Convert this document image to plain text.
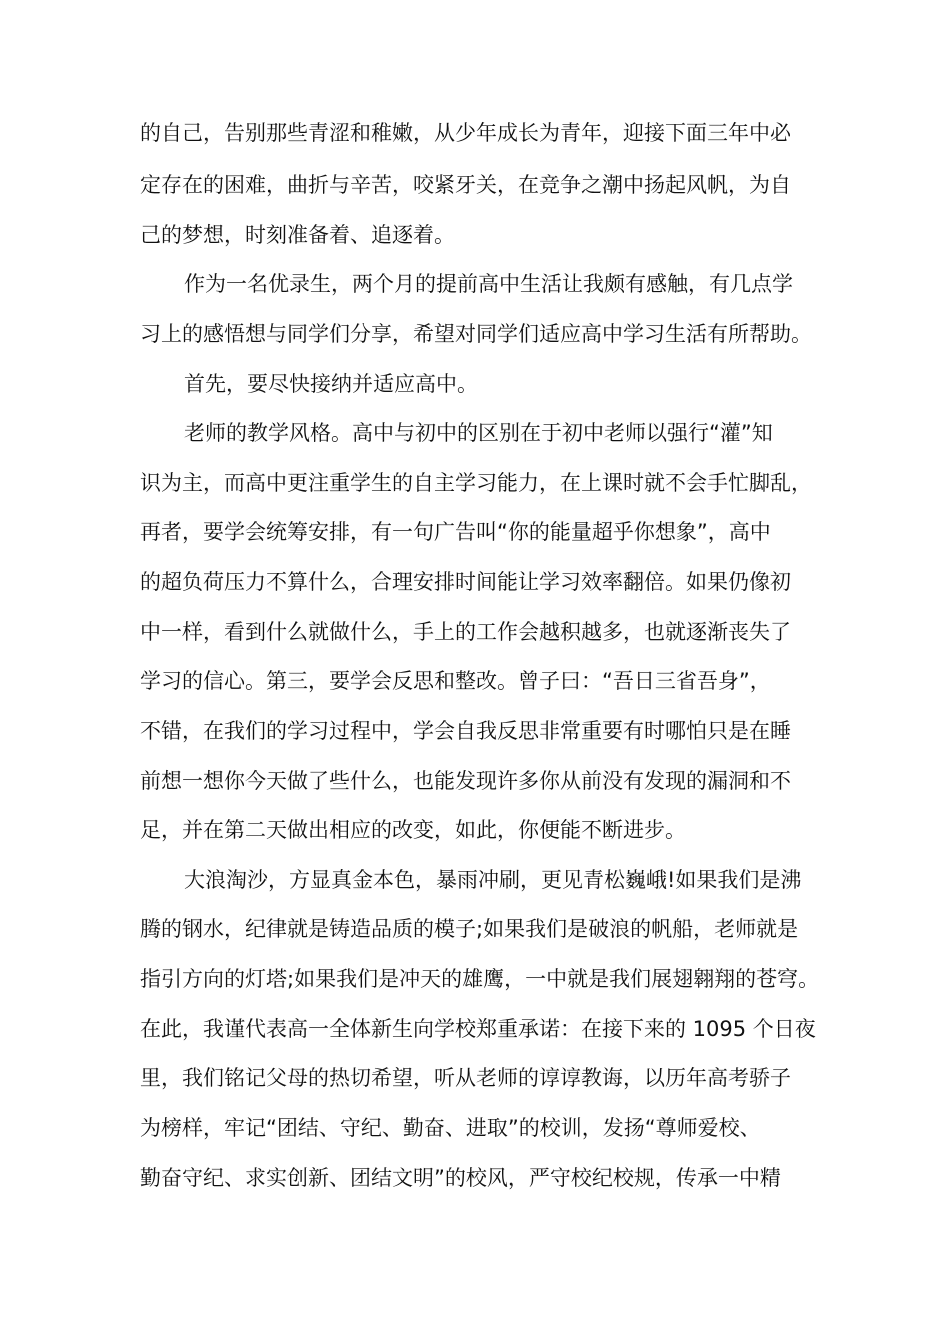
的自己，告别那些青涩和稚嫩，从少年成长为青年，迎接下面三年中必

定存在的困难，曲折与辛苦，咬紧牙关，在竞争之潮中扬起风帆，为自

己的梦想，时刻准备着、追逐着。

作为一名优录生，两个月的提前高中生活让我颇有感触，有几点学

习上的感悟想与同学们分享，希望对同学们适应高中学习生活有所帮助。

首先，要尽快接纳并适应高中。

老师的教学风格。高中与初中的区别在于初中老师以强行“灌”知

识为主，而高中更注重学生的自主学习能力，在上课时就不会手忙脚乱，

再者，要学会统筹安排，有一句广告叫“你的能量超乎你想象”，高中

的超负荷压力不算什么，合理安排时间能让学习效率翻倍。如果仍像初

中一样，看到什么就做什么，手上的工作会越积越多，也就逐渐丧失了

学习的信心。第三，要学会反思和整改。曾子曰：“吾日三省吾身”，

不错，在我们的学习过程中，学会自我反思非常重要有时哪怕只是在睡

前想一想你今天做了些什么，也能发现许多你从前没有发现的漏洞和不

足，并在第二天做出相应的改变，如此，你便能不断进步。

大浪淘沙，方显真金本色，暴雨冲刷，更见青松巍峨!如果我们是沸

腾的钢水，纪律就是铸造品质的模子;如果我们是破浪的帆船，老师就是

指引方向的灯塔;如果我们是冲天的雄鹰，一中就是我们展翅翱翔的苍穹。

在此，我谨代表高一全体新生向学校郑重承诺：在接下来的 1095 个日夜

里，我们铭记父母的热切希望，听从老师的谆谆教诲，以历年高考骄子

为榜样，牢记“团结、守纪、勤奋、进取”的校训，发扬“尊师爱校、

勤奋守纪、求实创新、团结文明”的校风，严守校纪校规，传承一中精
